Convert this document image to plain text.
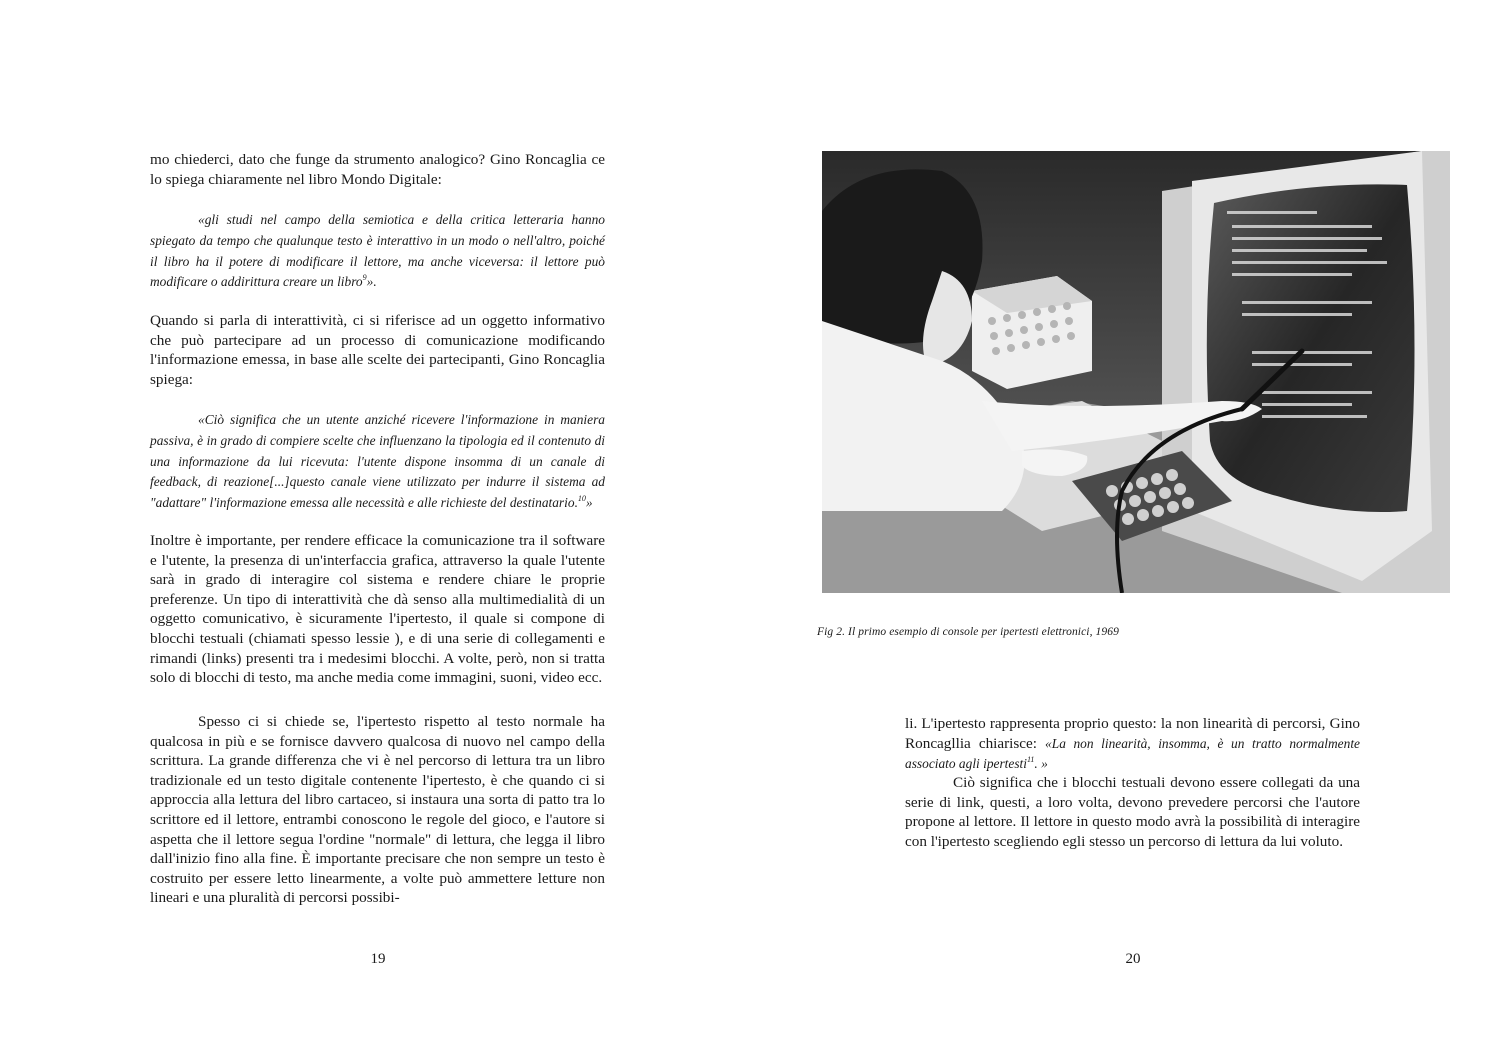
mo chiederci, dato che funge da strumento analogico? Gino Roncaglia ce lo spiega chiaramente nel libro Mondo Digitale:
«gli studi nel campo della semiotica e della critica letteraria hanno spiegato da tempo che qualunque testo è interattivo in un modo o nell'altro, poiché il libro ha il potere di modificare il lettore, ma anche viceversa: il lettore può modificare o addirittura creare un libro$^9$».
Quando si parla di interattività, ci si riferisce ad un oggetto informativo che può partecipare ad un processo di comunicazione modificando l'informazione emessa, in base alle scelte dei partecipanti, Gino Roncaglia spiega:
«Ciò significa che un utente anziché ricevere l'informazione in maniera passiva, è in grado di compiere scelte che influenzano la tipologia ed il contenuto di una informazione da lui ricevuta: l'utente dispone insomma di un canale di feedback, di reazione[...]questo canale viene utilizzato per indurre il sistema ad "adattare" l'informazione emessa alle necessità e alle richieste del destinatario.$^{10}$»
Inoltre è importante, per rendere efficace la comunicazione tra il software e l'utente, la presenza di un'interfaccia grafica, attraverso la quale l'utente sarà in grado di interagire col sistema e rendere chiare le proprie preferenze. Un tipo di interattività che dà senso alla multimedialità di un oggetto comunicativo, è sicuramente l'ipertesto, il quale si compone di blocchi testuali (chiamati spesso lessie ), e di una serie di collegamenti e rimandi (links) presenti tra i medesimi blocchi. A volte, però, non si tratta solo di blocchi di testo, ma anche media come immagini, suoni, video ecc.
Spesso ci si chiede se, l'ipertesto rispetto al testo normale ha qualcosa in più e se fornisce davvero qualcosa di nuovo nel campo della scrittura. La grande differenza che vi è nel percorso di lettura tra un libro tradizionale ed un testo digitale contenente l'ipertesto, è che quando ci si approccia alla lettura del libro cartaceo, si instaura una sorta di patto tra lo scrittore ed il lettore, entrambi conoscono le regole del gioco, e l'autore si aspetta che il lettore segua l'ordine "normale" di lettura, che legga il libro dall'inizio fino alla fine. È importante precisare che non sempre un testo è costruito per essere letto linearmente, a volte può ammettere letture non lineari e una pluralità di percorsi possibi-
19
Fig 2. Il primo esempio di console per ipertesti elettronici, 1969
li. L'ipertesto rappresenta proprio questo: la non linearità di percorsi, Gino Roncagllia chiarisce: «La non linearità, insomma, è un tratto normalmente associato agli ipertesti$^{11}$. »
Ciò significa che i blocchi testuali devono essere collegati da una serie di link, questi, a loro volta, devono prevedere percorsi che l'autore propone al lettore. Il lettore in questo modo avrà la possibilità di interagire con l'ipertesto scegliendo egli stesso un percorso di lettura da lui voluto.
20
